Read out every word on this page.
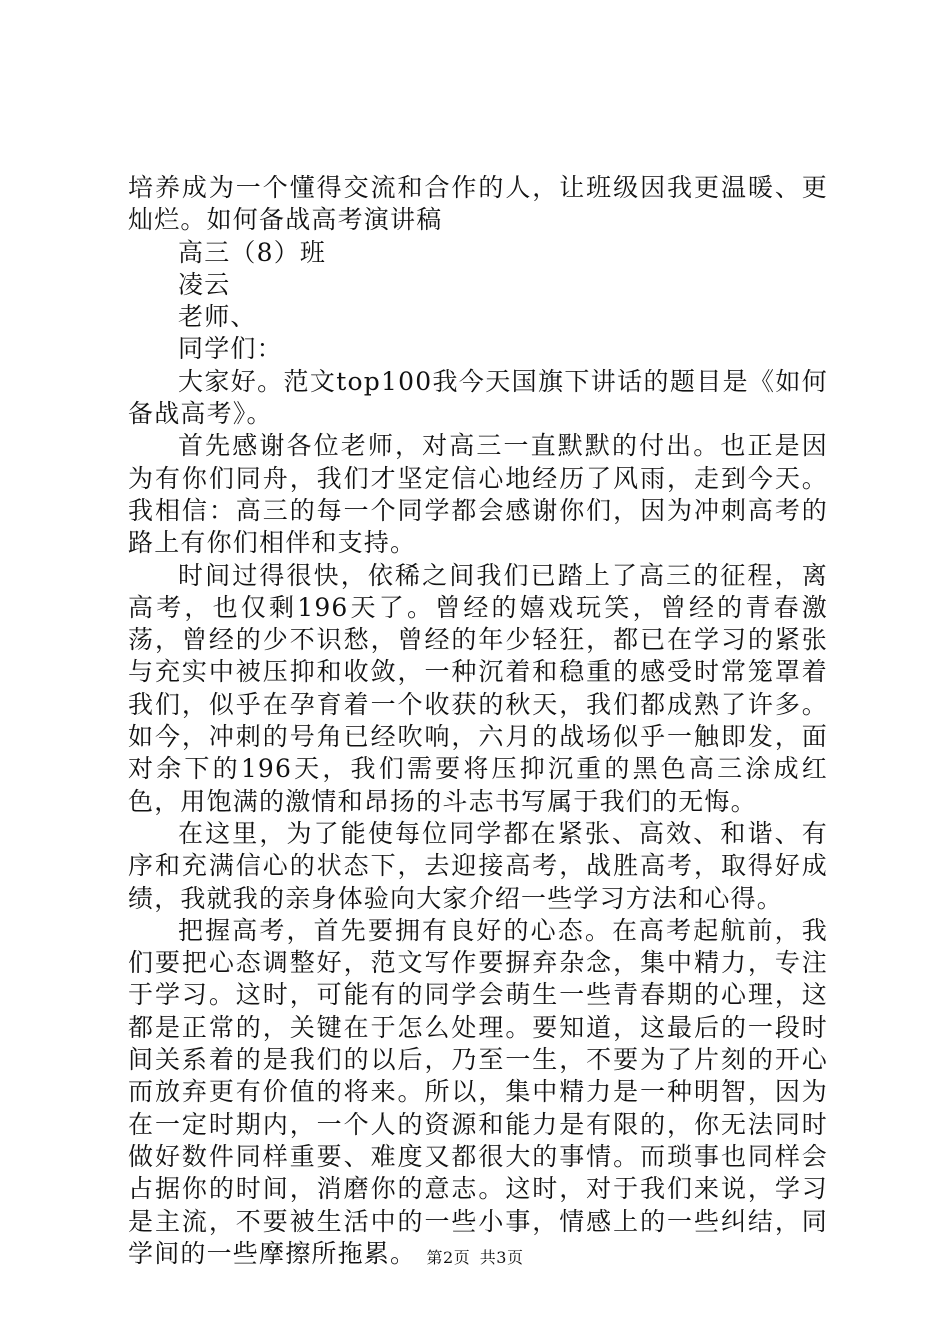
培养成为一个懂得交流和合作的人，让班级因我更温暖、更灿烂。如何备战高考演讲稿

高三（8）班

凌云

老师、

同学们：

大家好。范文top100我今天国旗下讲话的题目是《如何备战高考》。

首先感谢各位老师，对高三一直默默的付出。也正是因为有你们同舟，我们才坚定信心地经历了风雨，走到今天。我相信：高三的每一个同学都会感谢你们，因为冲刺高考的路上有你们相伴和支持。

时间过得很快，依稀之间我们已踏上了高三的征程，离高考，也仅剩196天了。曾经的嬉戏玩笑，曾经的青春激荡，曾经的少不识愁，曾经的年少轻狂，都已在学习的紧张与充实中被压抑和收敛，一种沉着和稳重的感受时常笼罩着我们，似乎在孕育着一个收获的秋天，我们都成熟了许多。如今，冲刺的号角已经吹响，六月的战场似乎一触即发，面对余下的196天，我们需要将压抑沉重的黑色高三涂成红色，用饱满的激情和昂扬的斗志书写属于我们的无悔。

在这里，为了能使每位同学都在紧张、高效、和谐、有序和充满信心的状态下，去迎接高考，战胜高考，取得好成绩，我就我的亲身体验向大家介绍一些学习方法和心得。

把握高考，首先要拥有良好的心态。在高考起航前，我们要把心态调整好，范文写作要摒弃杂念，集中精力，专注于学习。这时，可能有的同学会萌生一些青春期的心理，这都是正常的，关键在于怎么处理。要知道，这最后的一段时间关系着的是我们的以后，乃至一生，不要为了片刻的开心而放弃更有价值的将来。所以，集中精力是一种明智，因为在一定时期内，一个人的资源和能力是有限的，你无法同时做好数件同样重要、难度又都很大的事情。而琐事也同样会占据你的时间，消磨你的意志。这时，对于我们来说，学习是主流，不要被生活中的一些小事，情感上的一些纠结，同学间的一些摩擦所拖累。 第2页 共3页
